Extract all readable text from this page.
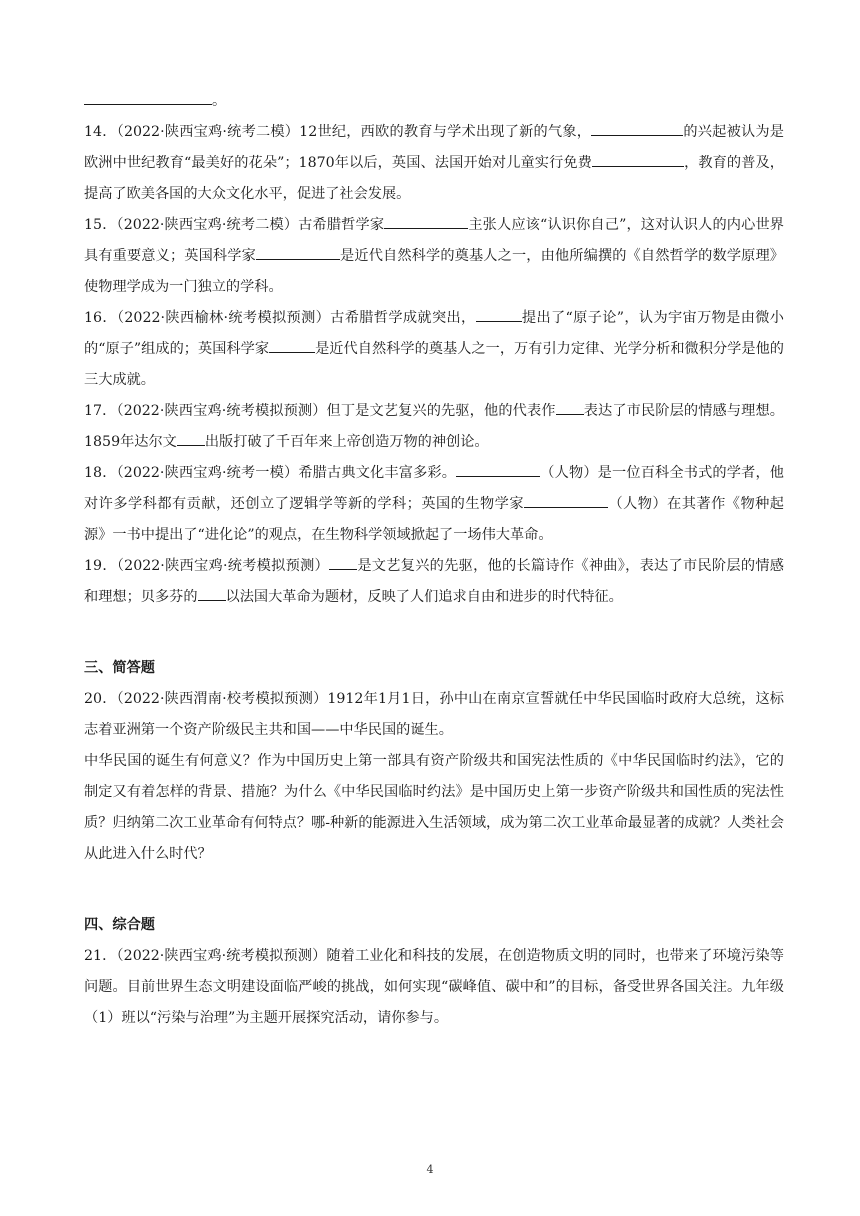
。

14．（2022·陕西宝鸡·统考二模）12世纪，西欧的教育与学术出现了新的气象，	的兴起被认为是欧洲中世纪教育“最美好的花朵”；1870年以后，英国、法国开始对儿童实行免费	，教育的普及，提高了欧美各国的大众文化水平，促进了社会发展。

15．（2022·陕西宝鸡·统考二模）古希腊哲学家	主张人应该“认识你自己”，这对认识人的内心世界具有重要意义；英国科学家	是近代自然科学的奠基人之一，由他所编撰的《自然哲学的数学原理》使物理学成为一门独立的学科。

16．（2022·陕西榆林·统考模拟预测）古希腊哲学成就突出，	提出了“原子论”，认为宇宙万物是由微小的“原子”组成的；英国科学家	是近代自然科学的奠基人之一，万有引力定律、光学分析和微积分学是他的三大成就。

17．（2022·陕西宝鸡·统考模拟预测）但丁是文艺复兴的先驱，他的代表作 表达了市民阶层的情感与理想。1859年达尔文 出版打破了千百年来上帝创造万物的神创论。

18．（2022·陕西宝鸡·统考一模）希腊古典文化丰富多彩。	（人物）是一位百科全书式的学者，他对许多学科都有贡献，还创立了逻辑学等新的学科；英国的生物学家	（人物）在其著作《物种起源》一书中提出了“进化论”的观点，在生物科学领域掀起了一场伟大革命。

19．（2022·陕西宝鸡·统考模拟预测） 是文艺复兴的先驱，他的长篇诗作《神曲》，表达了市民阶层的情感和理想；贝多芬的 以法国大革命为题材，反映了人们追求自由和进步的时代特征。

三、简答题

20．（2022·陕西渭南·校考模拟预测）1912年1月1日，孙中山在南京宣誓就任中华民国临时政府大总统，这标志着亚洲第一个资产阶级民主共和国——中华民国的诞生。

中华民国的诞生有何意义？作为中国历史上第一部具有资产阶级共和国宪法性质的《中华民国临时约法》，它的制定又有着怎样的背景、措施？为什么《中华民国临时约法》是中国历史上第一步资产阶级共和国性质的宪法性质？归纳第二次工业革命有何特点？哪-种新的能源进入生活领域，成为第二次工业革命最显著的成就？人类社会从此进入什么时代？

四、综合题

21．（2022·陕西宝鸡·统考模拟预测）随着工业化和科技的发展，在创造物质文明的同时，也带来了环境污染等问题。目前世界生态文明建设面临严峻的挑战，如何实现“碳峰值、碳中和”的目标，备受世界各国关注。九年级（1）班以“污染与治理”为主题开展探究活动，请你参与。

4
